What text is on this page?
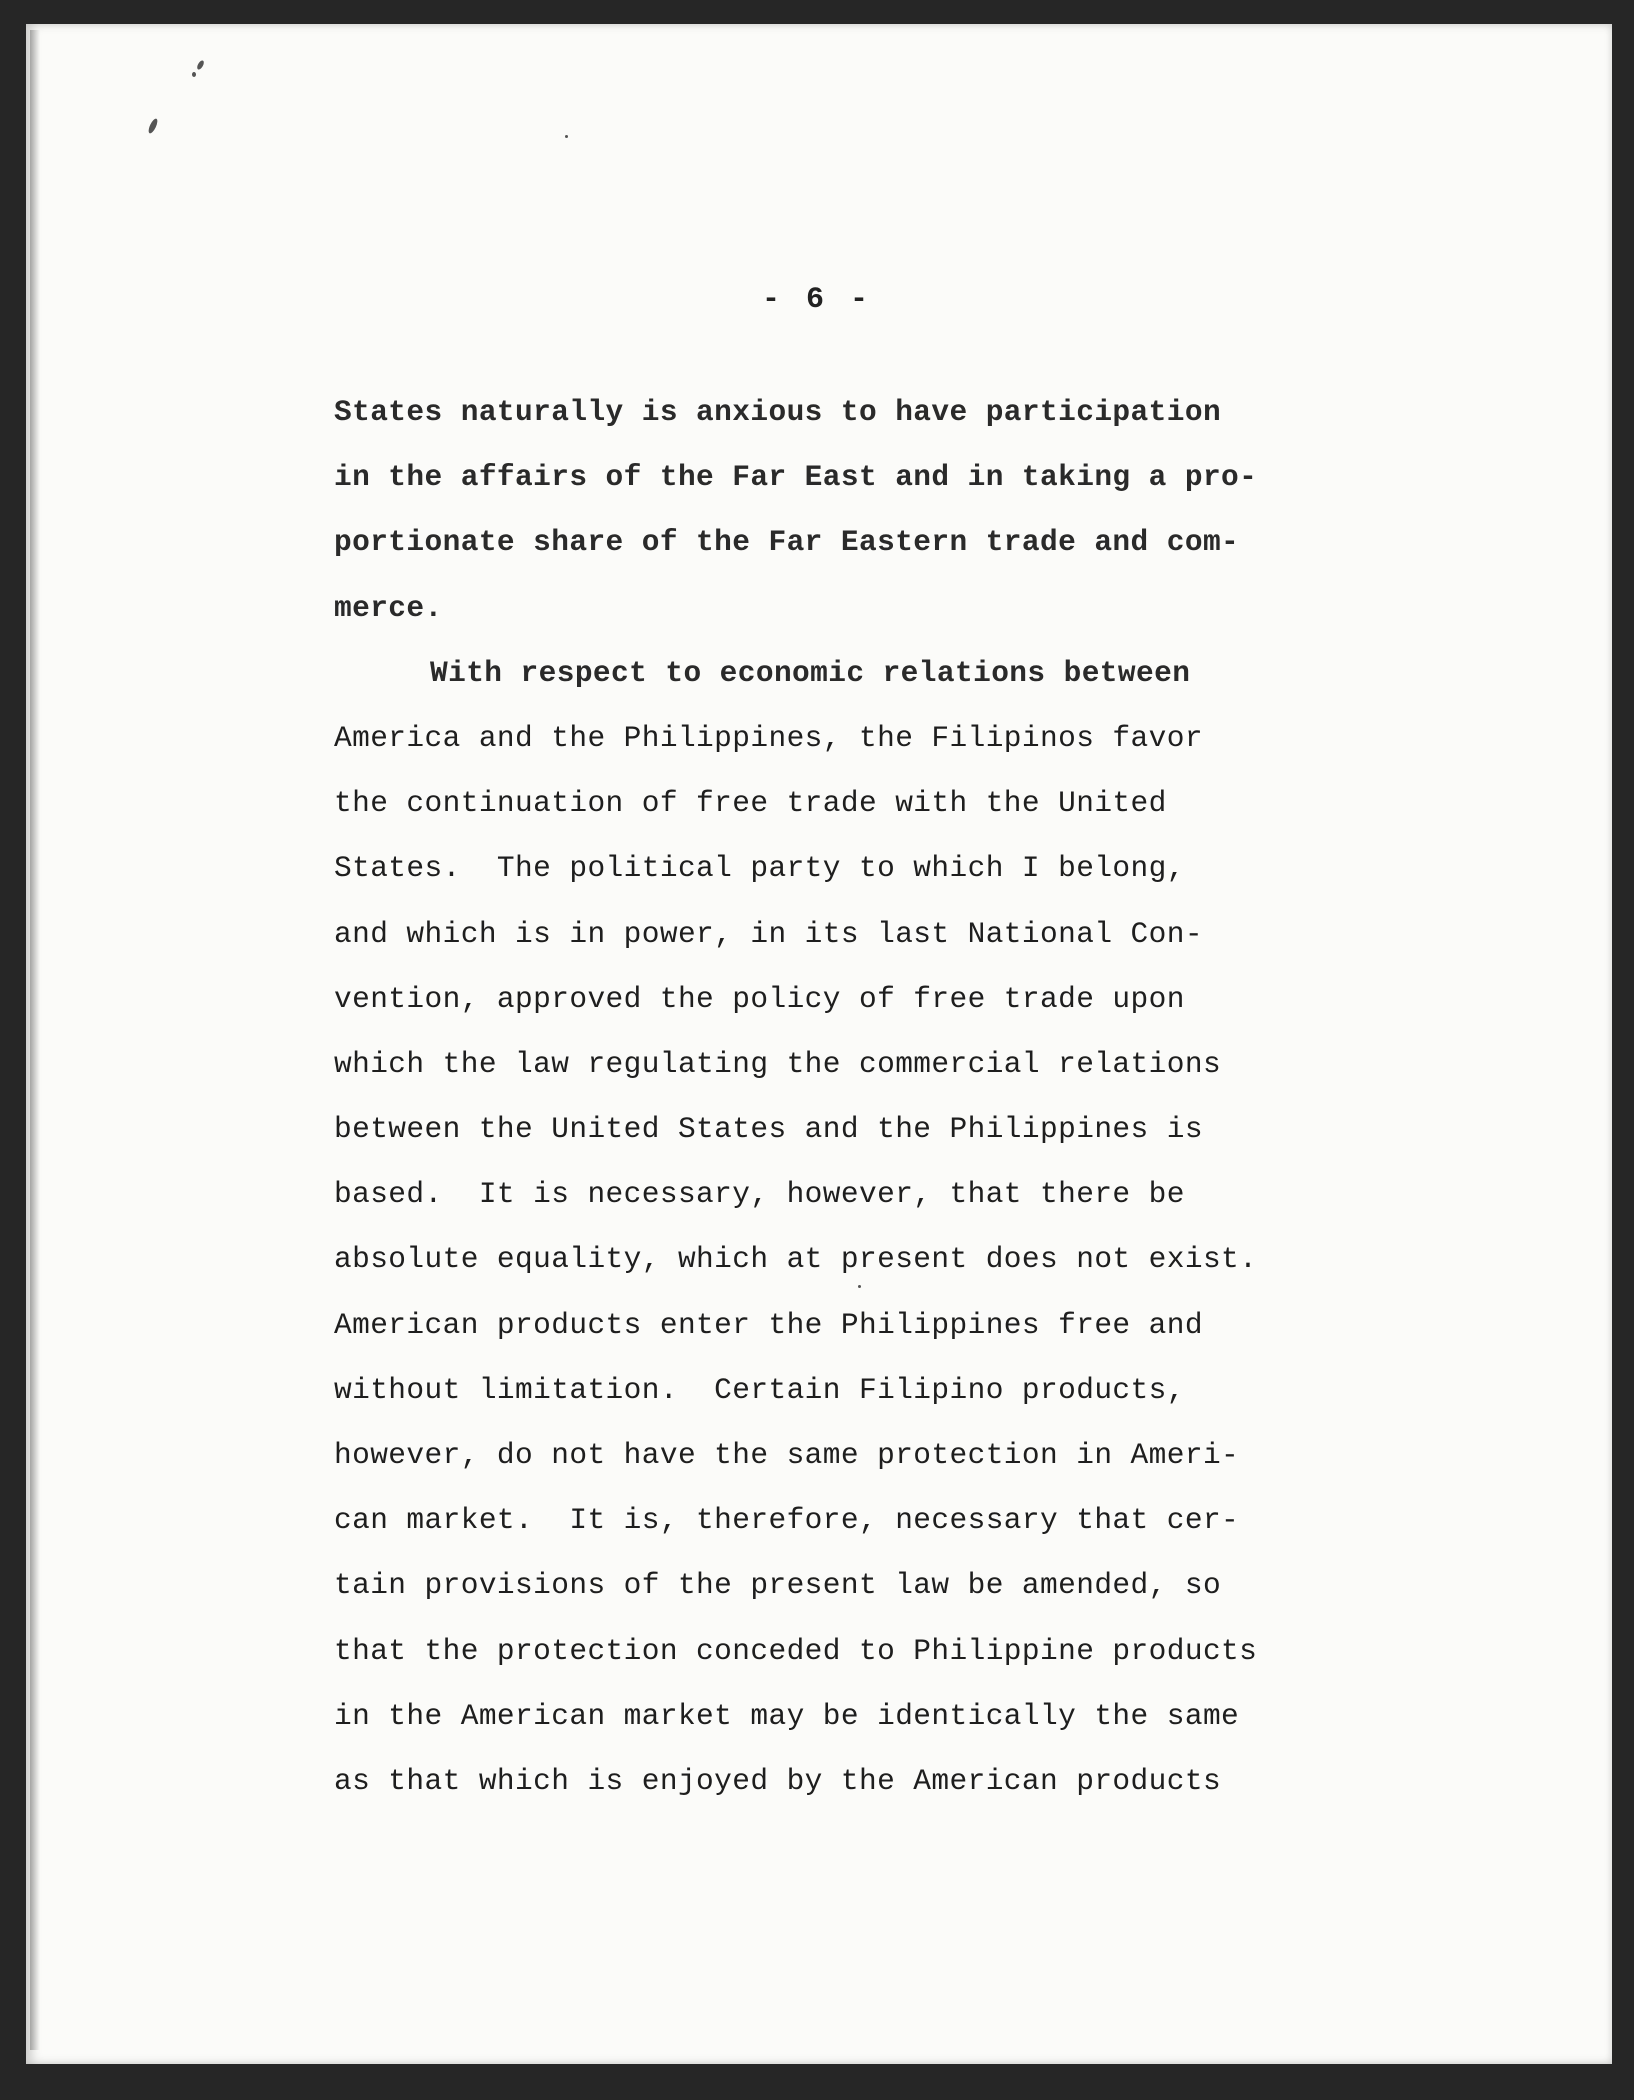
- 6 -
States naturally is anxious to have participation
in the affairs of the Far East and in taking a pro-
portionate share of the Far Eastern trade and com-
merce.
With respect to economic relations between
America and the Philippines, the Filipinos favor
the continuation of free trade with the United
States.  The political party to which I belong,
and which is in power, in its last National Con-
vention, approved the policy of free trade upon
which the law regulating the commercial relations
between the United States and the Philippines is
based.  It is necessary, however, that there be
absolute equality, which at present does not exist.
American products enter the Philippines free and
without limitation.  Certain Filipino products,
however, do not have the same protection in Ameri-
can market.  It is, therefore, necessary that cer-
tain provisions of the present law be amended, so
that the protection conceded to Philippine products
in the American market may be identically the same
as that which is enjoyed by the American products
